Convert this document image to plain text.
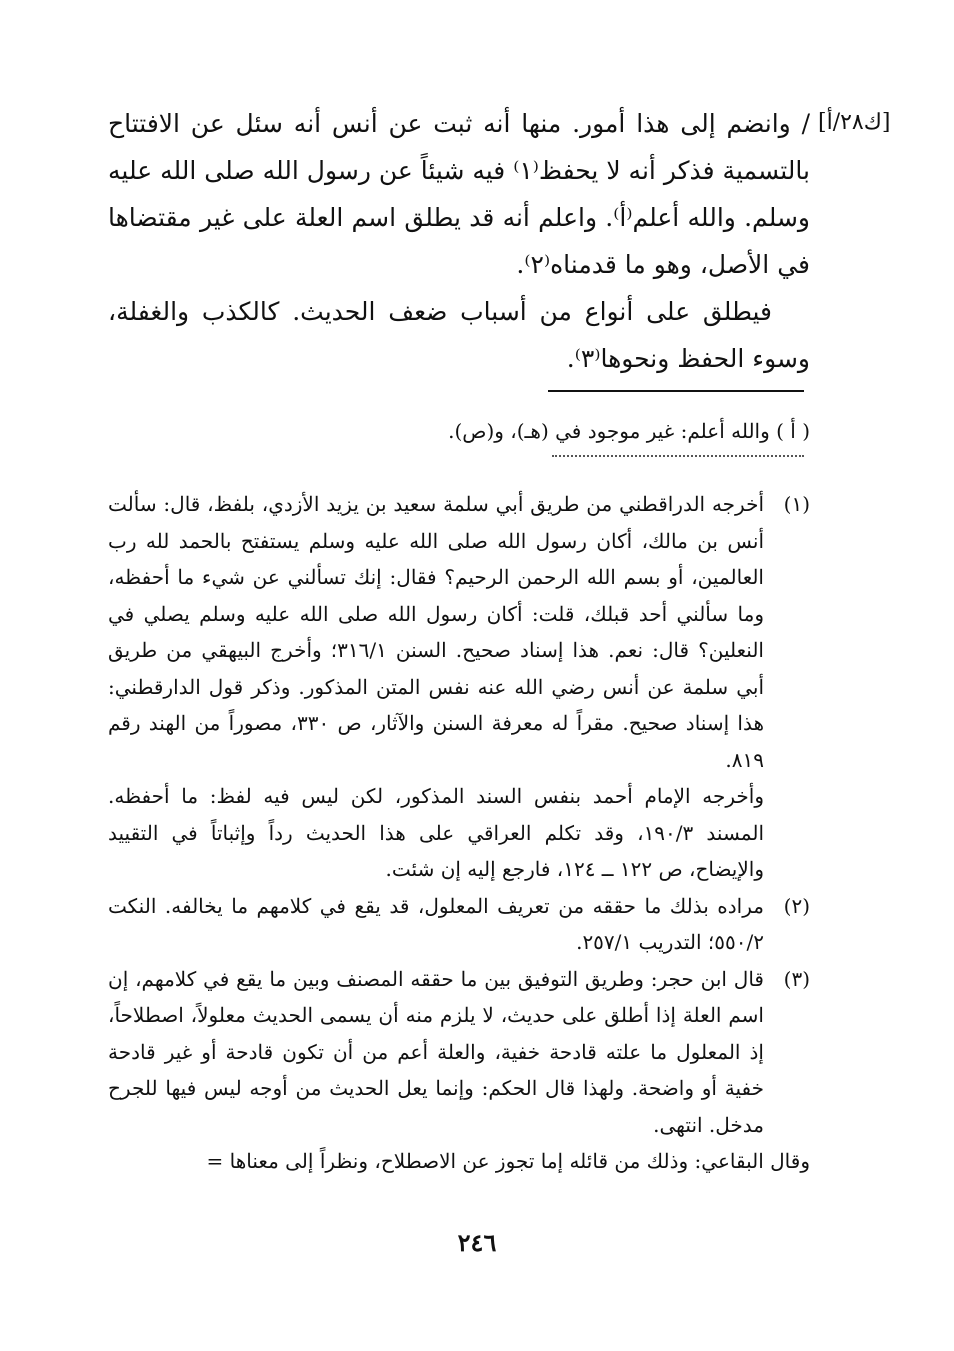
[ك٢٨/أ]

/ وانضم إلى هذا أمور. منها أنه ثبت عن أنس أنه سئل عن الافتتاح بالتسمية فذكر أنه لا يحفظ⁽١⁾ فيه شيئاً عن رسول الله صلى الله عليه وسلم. والله أعلم⁽أ⁾. واعلم أنه قد يطلق اسم العلة على غير مقتضاها في الأصل، وهو ما قدمناه⁽٢⁾.

فيطلق على أنواع من أسباب ضعف الحديث. كالكذب والغفلة، وسوء الحفظ ونحوها⁽٣⁾.

( أ ) والله أعلم: غير موجود في (هـ)، و(ص).
(١)

أخرجه الدراقطني من طريق أبي سلمة سعيد بن يزيد الأزدي، بلفظ، قال: سألت أنس بن مالك، أكان رسول الله صلى الله عليه وسلم يستفتح بالحمد لله رب العالمين، أو بسم الله الرحمن الرحيم؟ فقال: إنك تسألني عن شيء ما أحفظه، وما سألني أحد قبلك، قلت: أكان رسول الله صلى الله عليه وسلم يصلي في النعلين؟ قال: نعم. هذا إسناد صحيح. السنن ٣١٦/١؛ وأخرج البيهقي من طريق أبي سلمة عن أنس رضي الله عنه نفس المتن المذكور. وذكر قول الدارقطني: هذا إسناد صحيح. مقراً له معرفة السنن والآثار، ص ٣٣٠، مصوراً من الهند رقم ٨١٩.

وأخرجه الإمام أحمد بنفس السند المذكور، لكن ليس فيه لفظ: ما أحفظه. المسند ١٩٠/٣، وقد تكلم العراقي على هذا الحديث رداً وإثباتاً في التقييد والإيضاح، ص ١٢٢ ــ ١٢٤، فارجع إليه إن شئت.

(٢)

مراده بذلك ما حققه من تعريف المعلول، قد يقع في كلامهم ما يخالفه. النكت ٥٥٠/٢؛ التدريب ٢٥٧/١.

(٣)

قال ابن حجر: وطريق التوفيق بين ما حققه المصنف وبين ما يقع في كلامهم، إن اسم العلة إذا أطلق على حديث، لا يلزم منه أن يسمى الحديث معلولاً، اصطلاحاً، إذ المعلول ما علته قادحة خفية، والعلة أعم من أن تكون قادحة أو غير قادحة خفية أو واضحة. ولهذا قال الحكم: وإنما يعل الحديث من أوجه ليس فيها للجرح مدخل. انتهى.

وقال البقاعي: وذلك من قائله إما تجوز عن الاصطلاح، ونظراً إلى معناها =
٢٤٦
